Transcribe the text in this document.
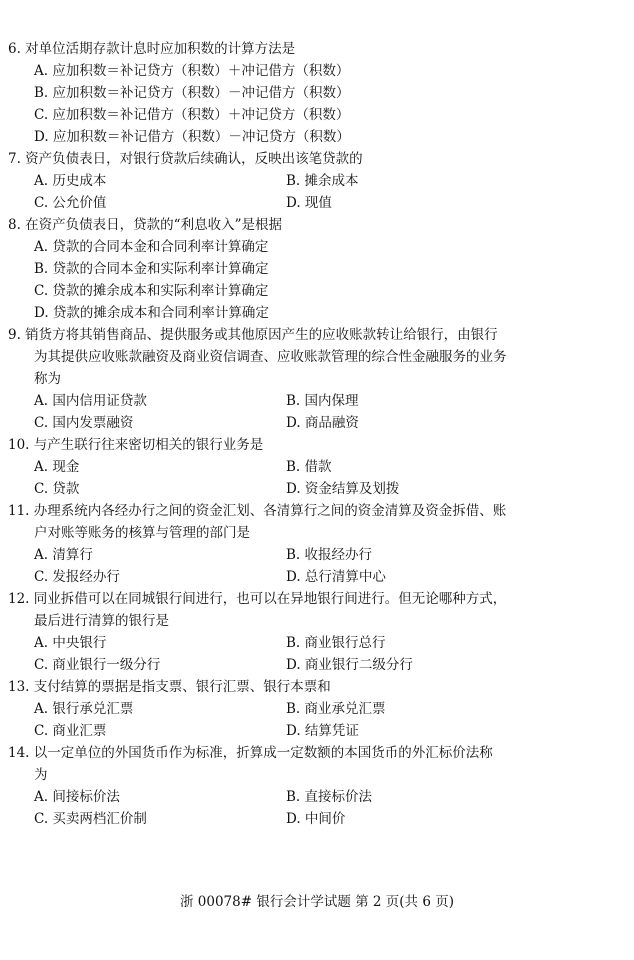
6. 对单位活期存款计息时应加积数的计算方法是
A. 应加积数＝补记贷方（积数）＋冲记借方（积数）
B. 应加积数＝补记贷方（积数）－冲记借方（积数）
C. 应加积数＝补记借方（积数）＋冲记贷方（积数）
D. 应加积数＝补记借方（积数）－冲记贷方（积数）
7. 资产负债表日，对银行贷款后续确认，反映出该笔贷款的
A. 历史成本	B. 摊余成本
C. 公允价值	D. 现值
8. 在资产负债表日，贷款的“利息收入”是根据
A. 贷款的合同本金和合同利率计算确定
B. 贷款的合同本金和实际利率计算确定
C. 贷款的摊余成本和实际利率计算确定
D. 贷款的摊余成本和合同利率计算确定
9. 销货方将其销售商品、提供服务或其他原因产生的应收账款转让给银行，由银行
为其提供应收账款融资及商业资信调查、应收账款管理的综合性金融服务的业务
称为
A. 国内信用证贷款	B. 国内保理
C. 国内发票融资	D. 商品融资
10. 与产生联行往来密切相关的银行业务是
A. 现金	B. 借款
C. 贷款	D. 资金结算及划拨
11. 办理系统内各经办行之间的资金汇划、各清算行之间的资金清算及资金拆借、账
户对账等账务的核算与管理的部门是
A. 清算行	B. 收报经办行
C. 发报经办行	D. 总行清算中心
12. 同业拆借可以在同城银行间进行，也可以在异地银行间进行。但无论哪种方式，
最后进行清算的银行是
A. 中央银行	B. 商业银行总行
C. 商业银行一级分行	D. 商业银行二级分行
13. 支付结算的票据是指支票、银行汇票、银行本票和
A. 银行承兑汇票	B. 商业承兑汇票
C. 商业汇票	D. 结算凭证
14. 以一定单位的外国货币作为标准，折算成一定数额的本国货币的外汇标价法称
为
A. 间接标价法	B. 直接标价法
C. 买卖两档汇价制	D. 中间价
浙 00078# 银行会计学试题 第 2 页(共 6 页)
